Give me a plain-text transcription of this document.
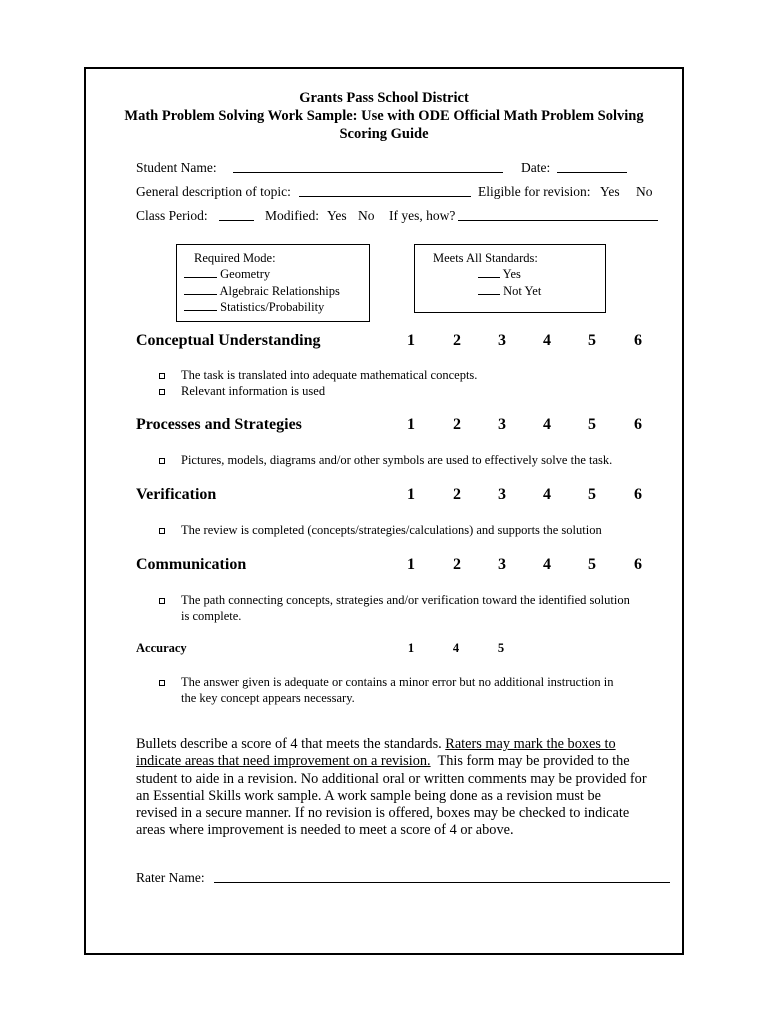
Grants Pass School District
Math Problem Solving Work Sample: Use with ODE Official Math Problem Solving
Scoring Guide
Student Name:	Date:
General description of topic:	Eligible for revision: Yes No
Class Period:	Modified: Yes No If yes, how?
Required Mode:
Geometry
Algebraic Relationships
Statistics/Probability
Meets All Standards:
Yes
Not Yet
Conceptual Understanding	1	2	3	4	5	6
The task is translated into adequate mathematical concepts.
Relevant information is used
Processes and Strategies	1	2	3	4	5	6
Pictures, models, diagrams and/or other symbols are used to effectively solve the task.
Verification	1	2	3	4	5	6
The review is completed (concepts/strategies/calculations) and supports the solution
Communication	1	2	3	4	5	6
The path connecting concepts, strategies and/or verification toward the identified solution
is complete.
Accuracy	1	4	5
The answer given is adequate or contains a minor error but no additional instruction in
the key concept appears necessary.
Bullets describe a score of 4 that meets the standards. Raters may mark the boxes to
indicate areas that need improvement on a revision.  This form may be provided to the
student to aide in a revision. No additional oral or written comments may be provided for
an Essential Skills work sample. A work sample being done as a revision must be
revised in a secure manner. If no revision is offered, boxes may be checked to indicate
areas where improvement is needed to meet a score of 4 or above.
Rater Name:
